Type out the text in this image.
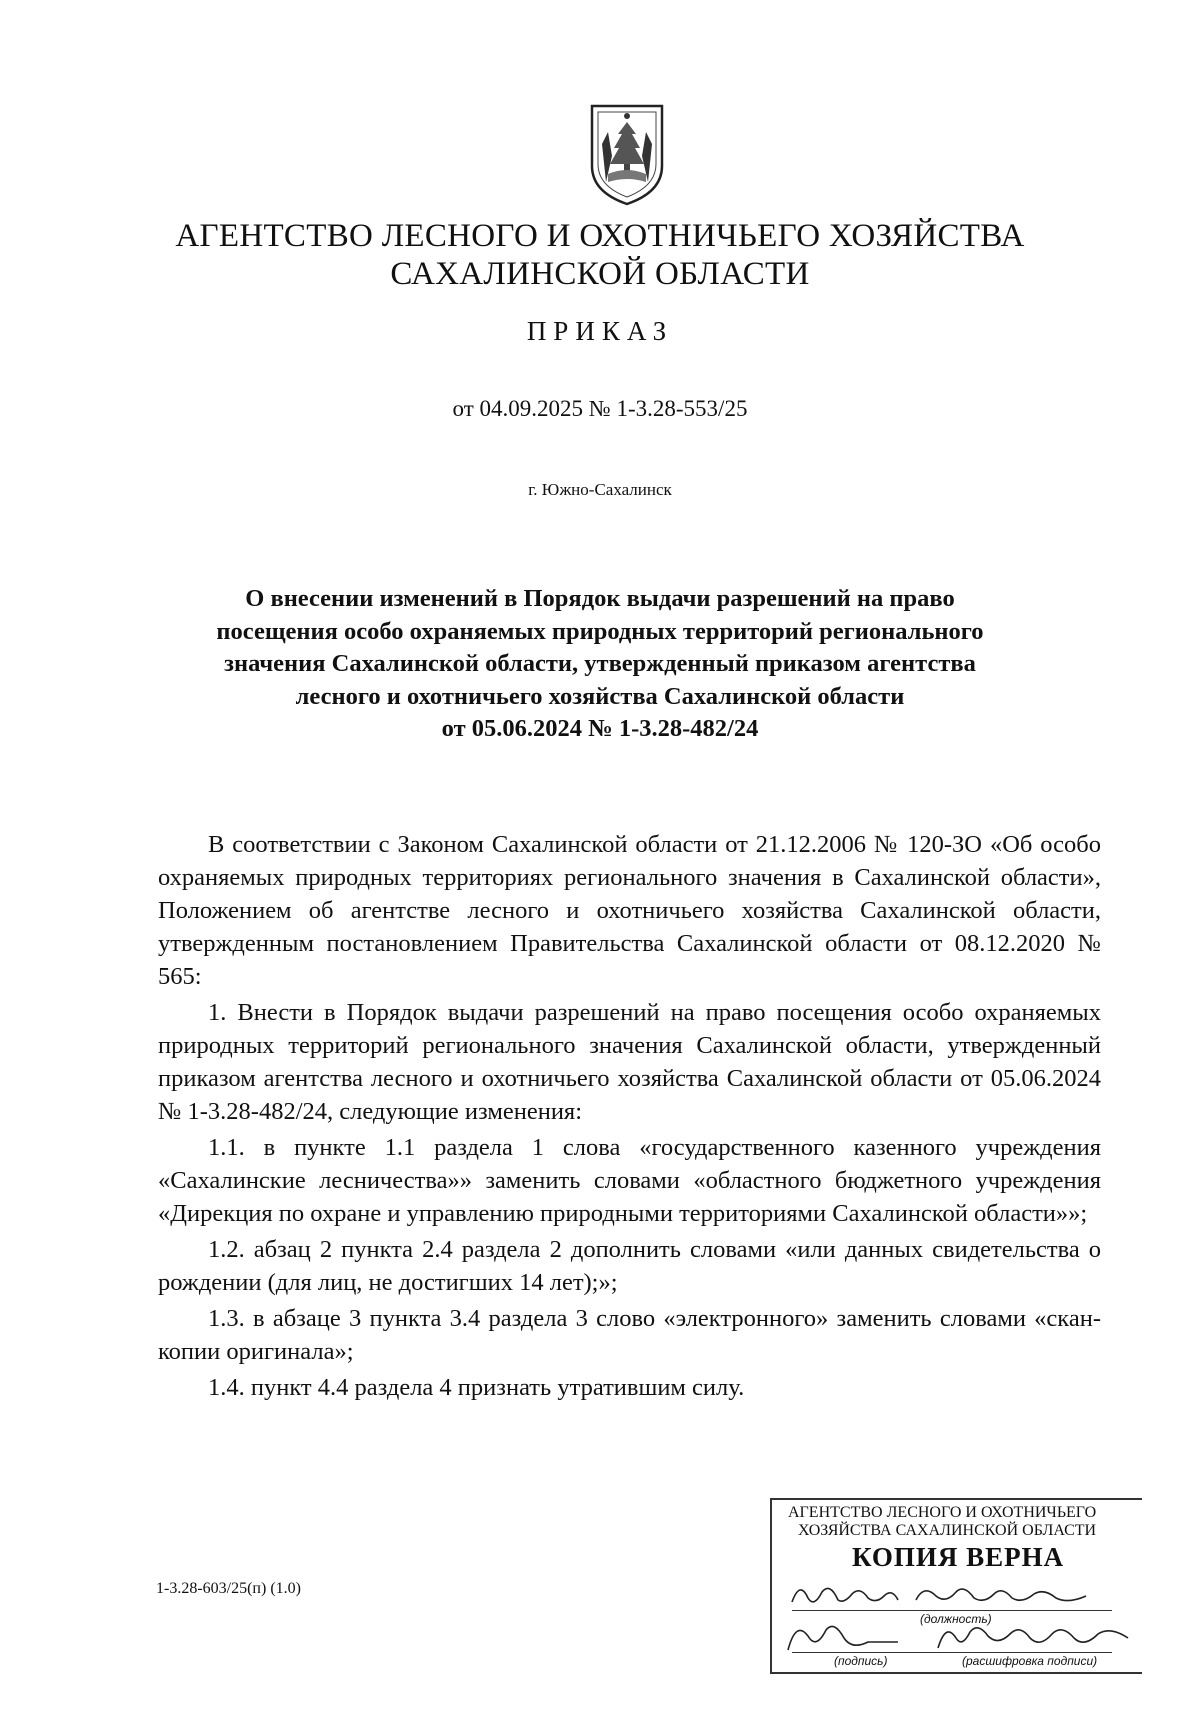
АГЕНТСТВО ЛЕСНОГО И ОХОТНИЧЬЕГО ХОЗЯЙСТВА
САХАЛИНСКОЙ ОБЛАСТИ
ПРИКАЗ
от 04.09.2025 № 1-3.28-553/25
г. Южно-Сахалинск
О внесении изменений в Порядок выдачи разрешений на право
посещения особо охраняемых природных территорий регионального
значения Сахалинской области, утвержденный приказом агентства
лесного и охотничьего хозяйства Сахалинской области
от 05.06.2024 № 1-3.28-482/24

В соответствии с Законом Сахалинской области от 21.12.2006 № 120-ЗО «Об особо охраняемых природных территориях регионального значения в Сахалинской области», Положением об агентстве лесного и охотничьего хозяйства Сахалинской области, утвержденным постановлением Правительства Сахалинской области от 08.12.2020 № 565:

1. Внести в Порядок выдачи разрешений на право посещения особо охраняемых природных территорий регионального значения Сахалинской области, утвержденный приказом агентства лесного и охотничьего хозяйства Сахалинской области от 05.06.2024 № 1-3.28-482/24, следующие изменения:

1.1. в пункте 1.1 раздела 1 слова «государственного казенного учреждения «Сахалинские лесничества»» заменить словами «областного бюджетного учреждения «Дирекция по охране и управлению природными территориями Сахалинской области»»;

1.2. абзац 2 пункта 2.4 раздела 2 дополнить словами «или данных свидетельства о рождении (для лиц, не достигших 14 лет);»;

1.3. в абзаце 3 пункта 3.4 раздела 3 слово «электронного» заменить словами «скан-копии оригинала»;

1.4. пункт 4.4 раздела 4 признать утратившим силу.

АГЕНТСТВО ЛЕСНОГО И ОХОТНИЧЬЕГО
ХОЗЯЙСТВА САХАЛИНСКОЙ ОБЛАСТИ
КОПИЯ ВЕРНА
(должность)
(подпись)	(расшифровка подписи)
1-3.28-603/25(п) (1.0)
